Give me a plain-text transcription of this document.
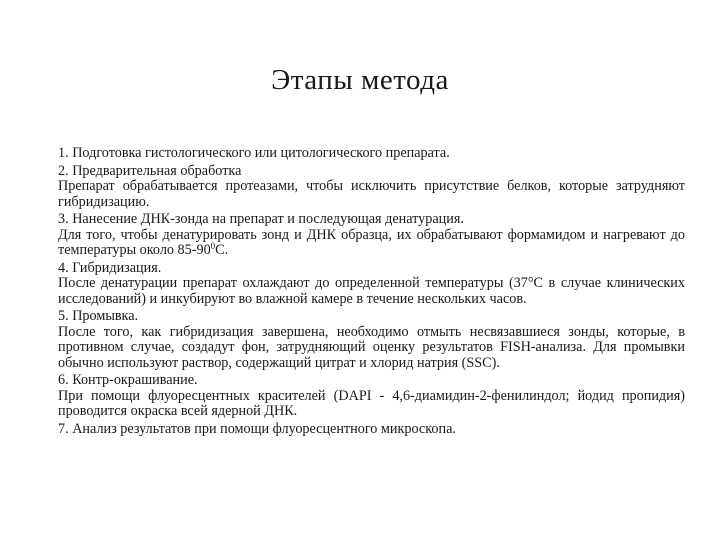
Этапы метода
1. Подготовка гистологического или цитологического препарата.
2. Предварительная обработка
Препарат обрабатывается протеазами, чтобы исключить присутствие белков, которые затрудняют гибридизацию.
3. Нанесение ДНК-зонда на препарат и последующая денатурация.
Для того, чтобы денатурировать зонд и ДНК образца, их обрабатывают формамидом и нагревают до температуры около $85-90^0С$.
4. Гибридизация.
После денатурации препарат охлаждают до определенной температуры (37°C в случае клинических исследований) и инкубируют во влажной камере в течение нескольких часов.
5. Промывка.
После того, как гибридизация завершена, необходимо отмыть несвязавшиеся зонды, которые, в противном случае, создадут фон, затрудняющий оценку результатов FISH-анализа. Для промывки обычно используют раствор, содержащий цитрат и хлорид натрия (SSC).
6. Контр-окрашивание.
При помощи флуоресцентных красителей (DAPI - 4,6-диамидин-2-фенилиндол; йодид пропидия) проводится окраска всей ядерной ДНК.
7. Анализ результатов при помощи флуоресцентного микроскопа.
